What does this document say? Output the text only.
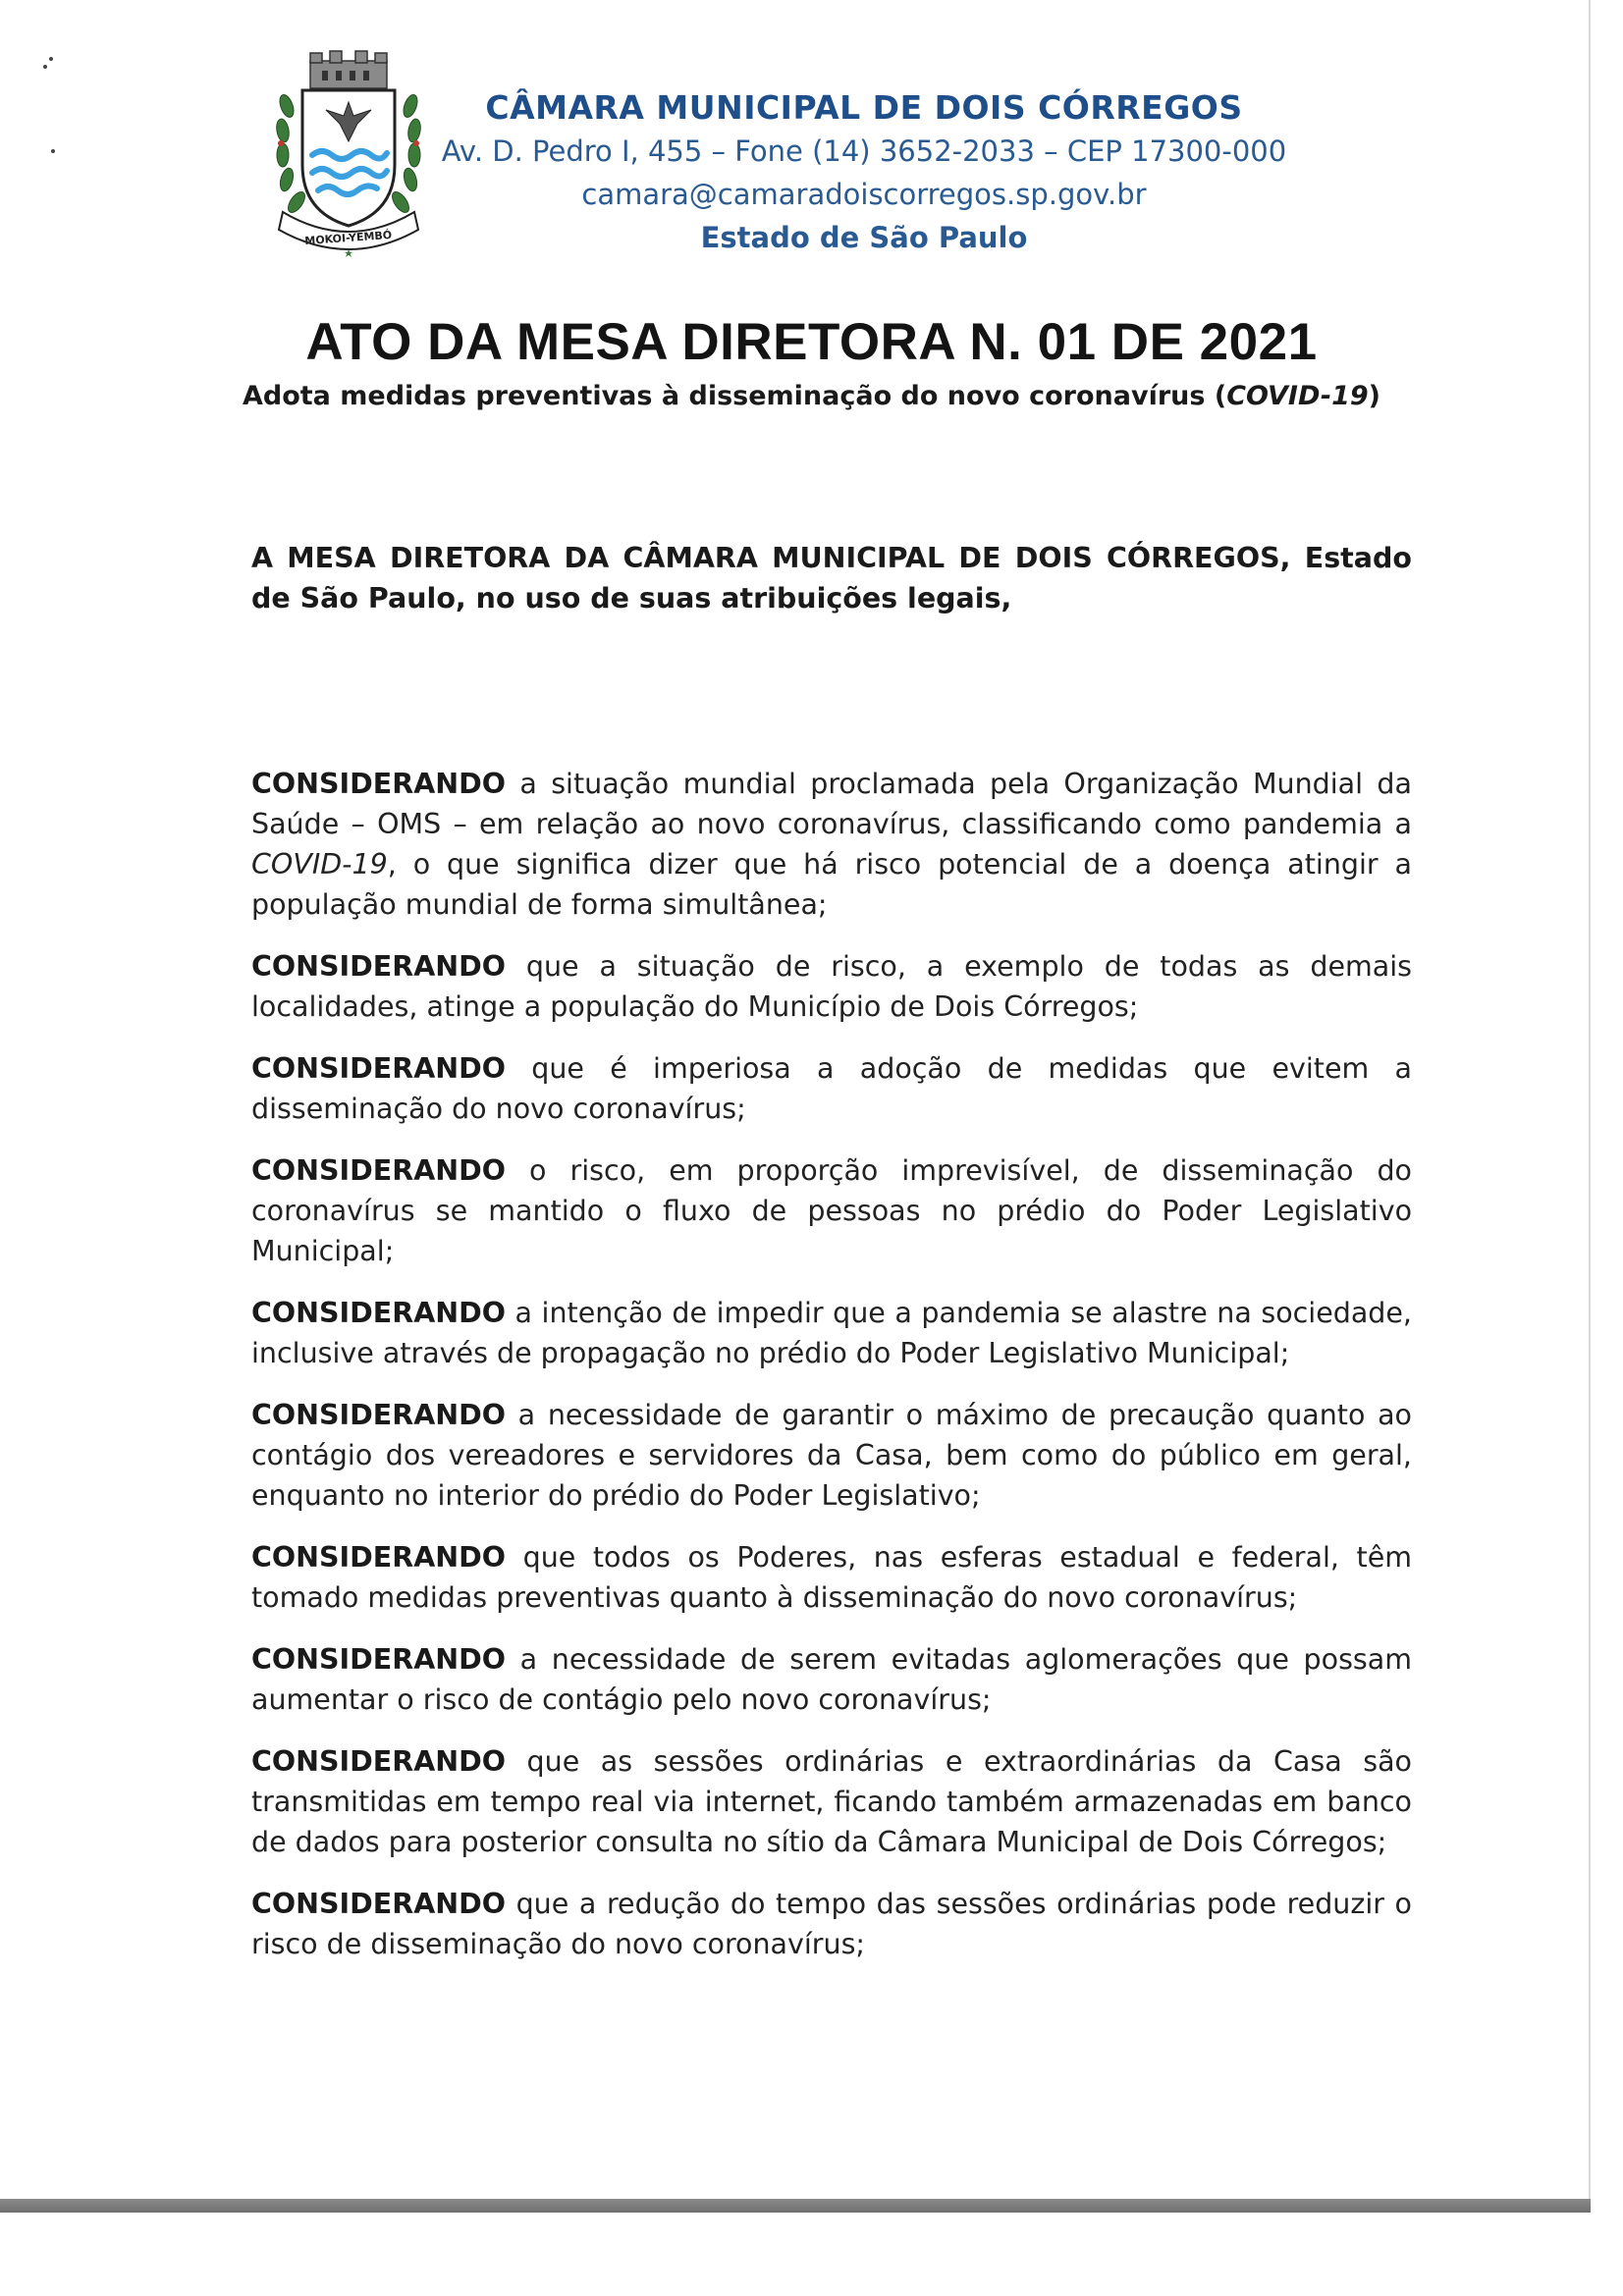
MOKOI-YEMBÓ
CÂMARA MUNICIPAL DE DOIS CÓRREGOS
Av. D. Pedro I, 455 – Fone (14) 3652-2033 – CEP 17300-000
camara@camaradoiscorregos.sp.gov.br
Estado de São Paulo
ATO DA MESA DIRETORA N. 01 DE 2021
Adota medidas preventivas à disseminação do novo coronavírus (COVID-19)
A MESA DIRETORA DA CÂMARA MUNICIPAL DE DOIS CÓRREGOS, Estado de São Paulo, no uso de suas atribuições legais,

CONSIDERANDO a situação mundial proclamada pela Organização Mundial da Saúde – OMS – em relação ao novo coronavírus, classificando como pandemia a COVID-19, o que significa dizer que há risco potencial de a doença atingir a população mundial de forma simultânea;

CONSIDERANDO que a situação de risco, a exemplo de todas as demais localidades, atinge a população do Município de Dois Córregos;

CONSIDERANDO que é imperiosa a adoção de medidas que evitem a disseminação do novo coronavírus;

CONSIDERANDO o risco, em proporção imprevisível, de disseminação do coronavírus se mantido o fluxo de pessoas no prédio do Poder Legislativo Municipal;

CONSIDERANDO a intenção de impedir que a pandemia se alastre na sociedade, inclusive através de propagação no prédio do Poder Legislativo Municipal;

CONSIDERANDO a necessidade de garantir o máximo de precaução quanto ao contágio dos vereadores e servidores da Casa, bem como do público em geral, enquanto no interior do prédio do Poder Legislativo;

CONSIDERANDO que todos os Poderes, nas esferas estadual e federal, têm tomado medidas preventivas quanto à disseminação do novo coronavírus;

CONSIDERANDO a necessidade de serem evitadas aglomerações que possam aumentar o risco de contágio pelo novo coronavírus;

CONSIDERANDO que as sessões ordinárias e extraordinárias da Casa são transmitidas em tempo real via internet, ficando também armazenadas em banco de dados para posterior consulta no sítio da Câmara Municipal de Dois Córregos;

CONSIDERANDO que a redução do tempo das sessões ordinárias pode reduzir o risco de disseminação do novo coronavírus;
